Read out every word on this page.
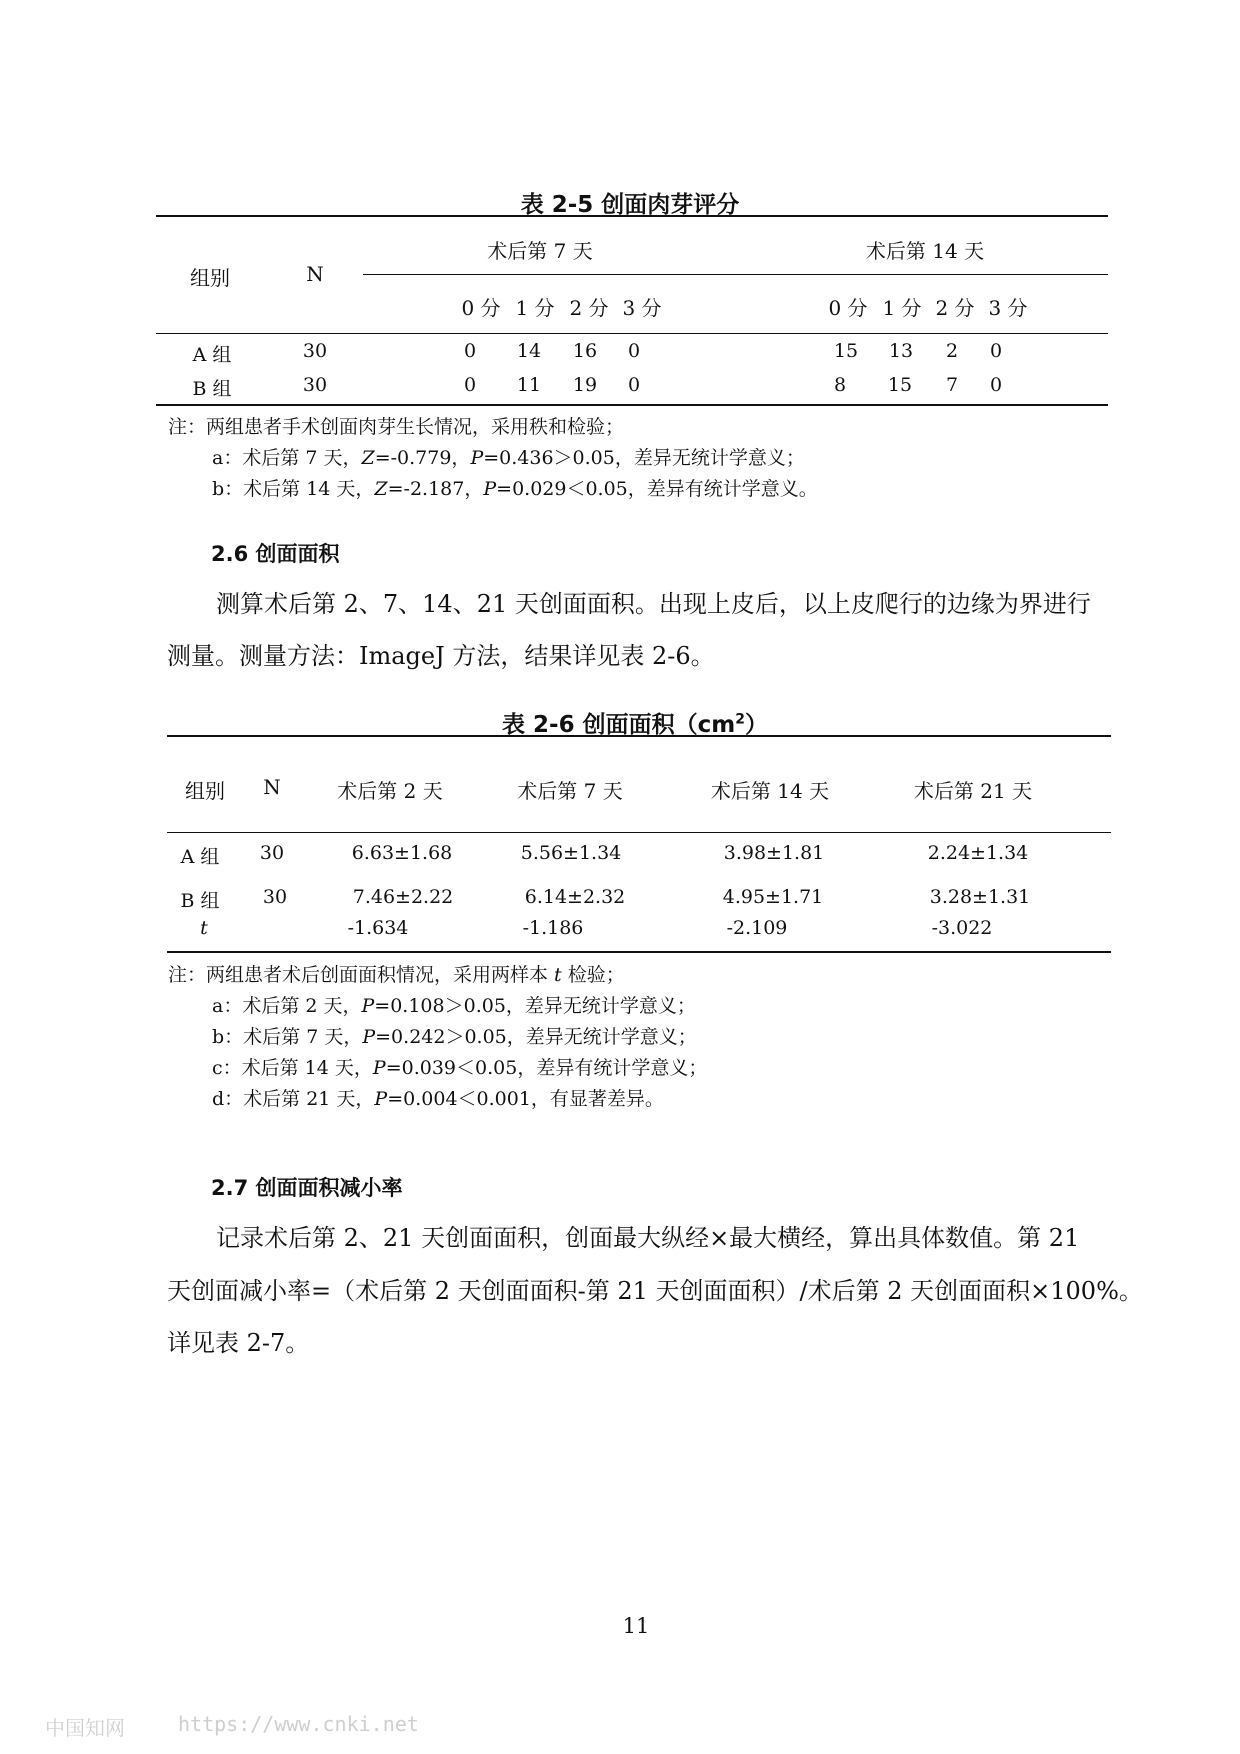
表 2-5 创面肉芽评分
组别	N
术后第 7 天	术后第 14 天
0 分 1 分 2 分 3 分	0 分 1 分 2 分 3 分
A 组	30	0 14 16 0	15 13 2 0
B 组	30	0 11 19 0	8 15 7 0
注：两组患者手术创面肉芽生长情况，采用秩和检验；
a：术后第 7 天，Z=-0.779，P=0.436＞0.05，差异无统计学意义；
b：术后第 14 天，Z=-2.187，P=0.029＜0.05，差异有统计学意义。
2.6 创面面积
测算术后第 2、7、14、21 天创面面积。出现上皮后，以上皮爬行的边缘为界进行
测量。测量方法：ImageJ 方法，结果详见表 2-6。
表 2-6 创面面积$(cm^2)$
组别 N	术后第 2 天	术后第 7 天	术后第 14 天	术后第 21 天
A 组 30	6.63±1.68	5.56±1.34	3.98±1.81	2.24±1.34
B 组 30	7.46±2.22	6.14±2.32	4.95±1.71	3.28±1.31
t	-1.634	-1.186	-2.109	-3.022
注：两组患者术后创面面积情况，采用两样本 t 检验；
a：术后第 2 天，P=0.108＞0.05，差异无统计学意义；
b：术后第 7 天，P=0.242＞0.05，差异无统计学意义；
c：术后第 14 天，P=0.039＜0.05，差异有统计学意义；
d：术后第 21 天，P=0.004＜0.001，有显著差异。
2.7 创面面积减小率
记录术后第 2、21 天创面面积，创面最大纵经×最大横经，算出具体数值。第 21
天创面减小率=（术后第 2 天创面面积-第 21 天创面面积）/术后第 2 天创面面积×100%。
详见表 2-7。
11
中国知网	https://www.cnki.net
